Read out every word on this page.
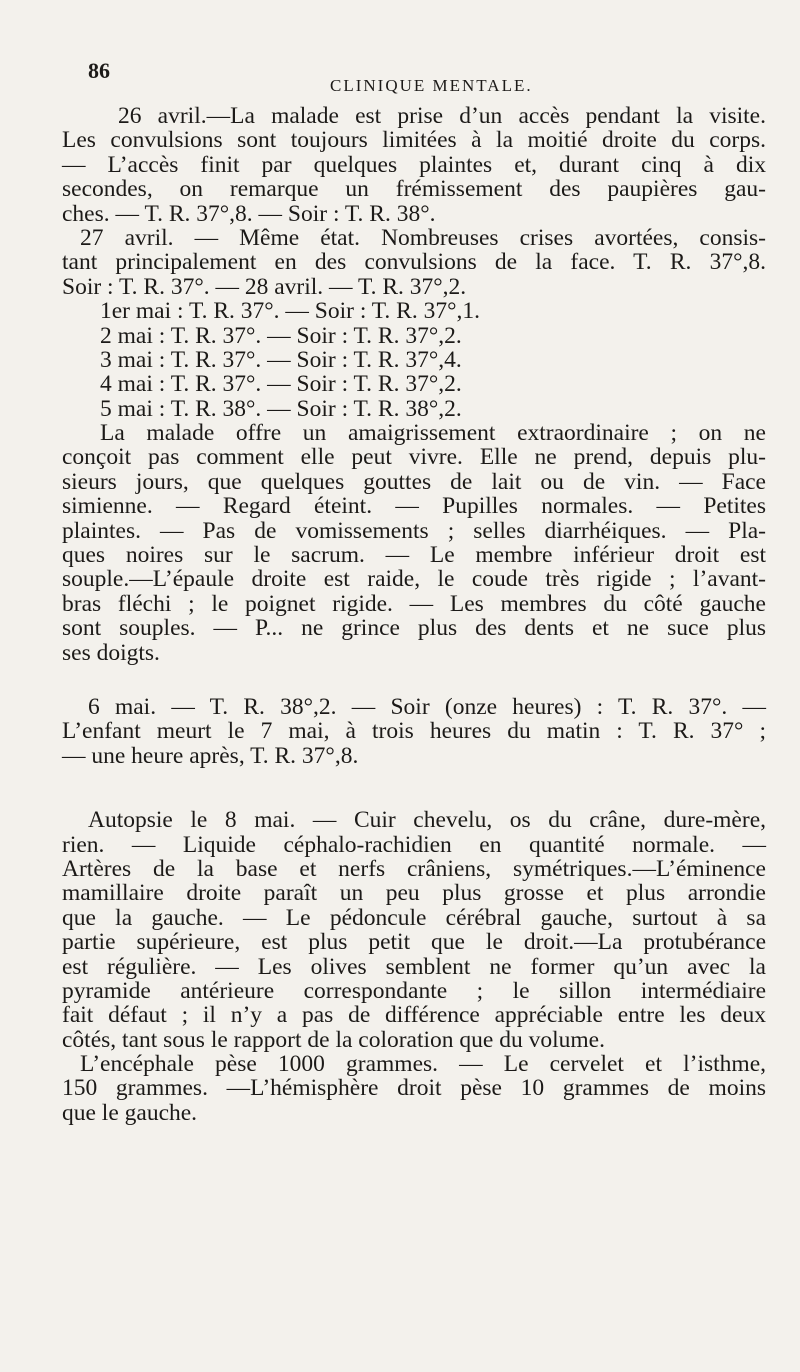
86
CLINIQUE MENTALE.
26 avril.—La malade est prise d’un accès pendant la visite.
Les convulsions sont toujours limitées à la moitié droite du corps.
— L’accès finit par quelques plaintes et, durant cinq à dix
secondes, on remarque un frémissement des paupières gau-
ches. — T. R. 37°,8. — Soir : T. R. 38°.
27 avril. — Même état. Nombreuses crises avortées, consis-
tant principalement en des convulsions de la face. T. R. 37°,8.
Soir : T. R. 37°. — 28 avril. — T. R. 37°,2.
1er mai : T. R. 37°. — Soir : T. R. 37°,1.
2 mai : T. R. 37°. — Soir : T. R. 37°,2.
3 mai : T. R. 37°. — Soir : T. R. 37°,4.
4 mai : T. R. 37°. — Soir : T. R. 37°,2.
5 mai : T. R. 38°. — Soir : T. R. 38°,2.
La malade offre un amaigrissement extraordinaire ; on ne
conçoit pas comment elle peut vivre. Elle ne prend, depuis plu-
sieurs jours, que quelques gouttes de lait ou de vin. — Face
simienne. — Regard éteint. — Pupilles normales. — Petites
plaintes. — Pas de vomissements ; selles diarrhéiques. — Pla-
ques noires sur le sacrum. — Le membre inférieur droit est
souple.—L’épaule droite est raide, le coude très rigide ; l’avant-
bras fléchi ; le poignet rigide. — Les membres du côté gauche
sont souples. — P... ne grince plus des dents et ne suce plus
ses doigts.
6 mai. — T. R. 38°,2. — Soir (onze heures) : T. R. 37°. —
L’enfant meurt le 7 mai, à trois heures du matin : T. R. 37° ;
— une heure après, T. R. 37°,8.
Autopsie le 8 mai. — Cuir chevelu, os du crâne, dure-mère,
rien. — Liquide céphalo-rachidien en quantité normale. —
Artères de la base et nerfs crâniens, symétriques.—L’éminence
mamillaire droite paraît un peu plus grosse et plus arrondie
que la gauche. — Le pédoncule cérébral gauche, surtout à sa
partie supérieure, est plus petit que le droit.—La protubérance
est régulière. — Les olives semblent ne former qu’un avec la
pyramide antérieure correspondante ; le sillon intermédiaire
fait défaut ; il n’y a pas de différence appréciable entre les deux
côtés, tant sous le rapport de la coloration que du volume.
L’encéphale pèse 1000 grammes. — Le cervelet et l’isthme,
150 grammes. —L’hémisphère droit pèse 10 grammes de moins
que le gauche.
